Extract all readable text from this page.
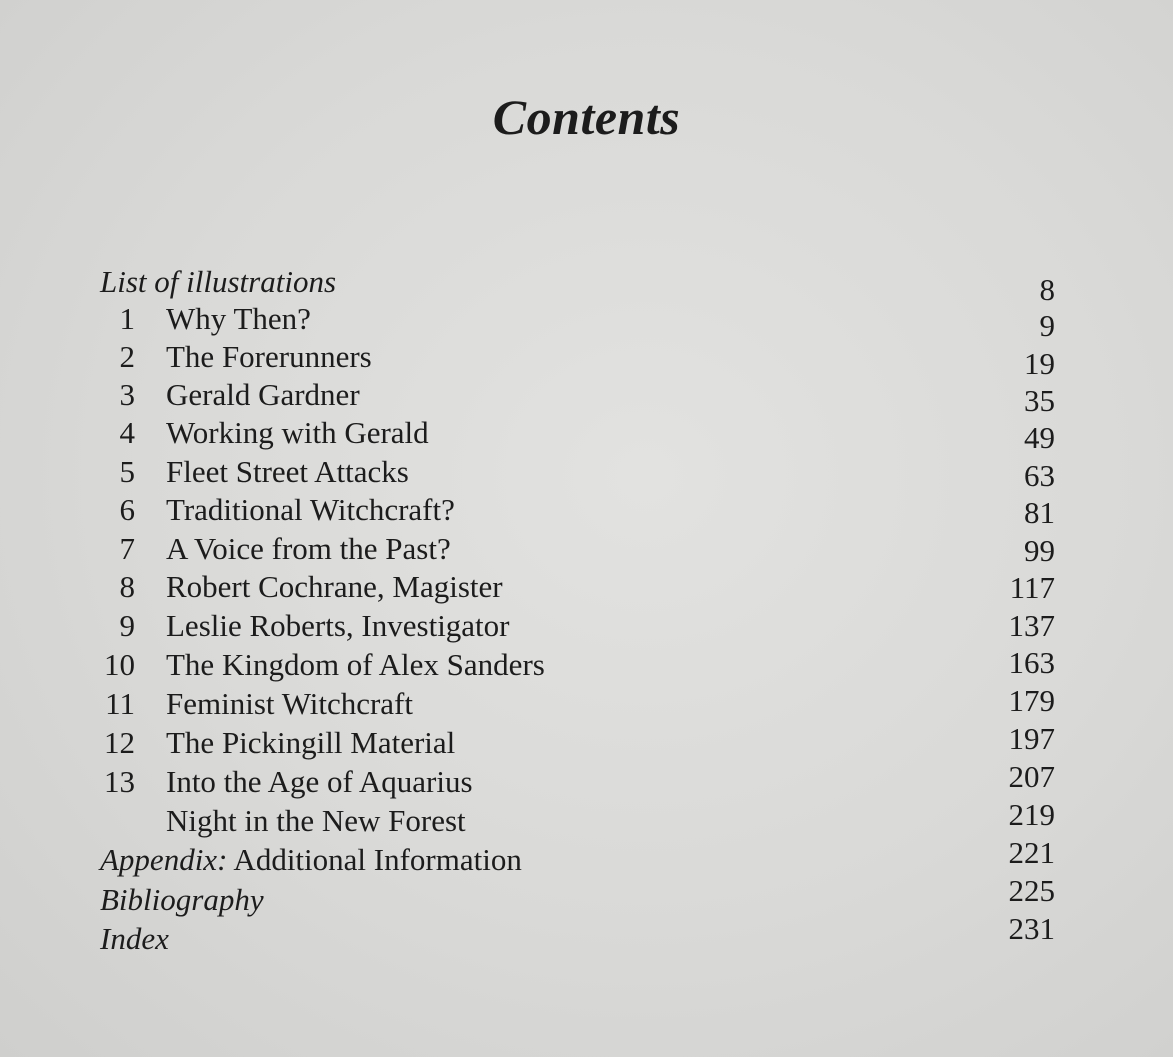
Contents
List of illustrations	8
1 Why Then?	9
2 The Forerunners	19
3 Gerald Gardner	35
4 Working with Gerald	49
5 Fleet Street Attacks	63
6 Traditional Witchcraft?	81
7 A Voice from the Past?	99
8 Robert Cochrane, Magister	117
9 Leslie Roberts, Investigator	137
10 The Kingdom of Alex Sanders	163
11 Feminist Witchcraft	179
12 The Pickingill Material	197
13 Into the Age of Aquarius	207
Night in the New Forest	219
Appendix: Additional Information	221
Bibliography	225
Index	231
